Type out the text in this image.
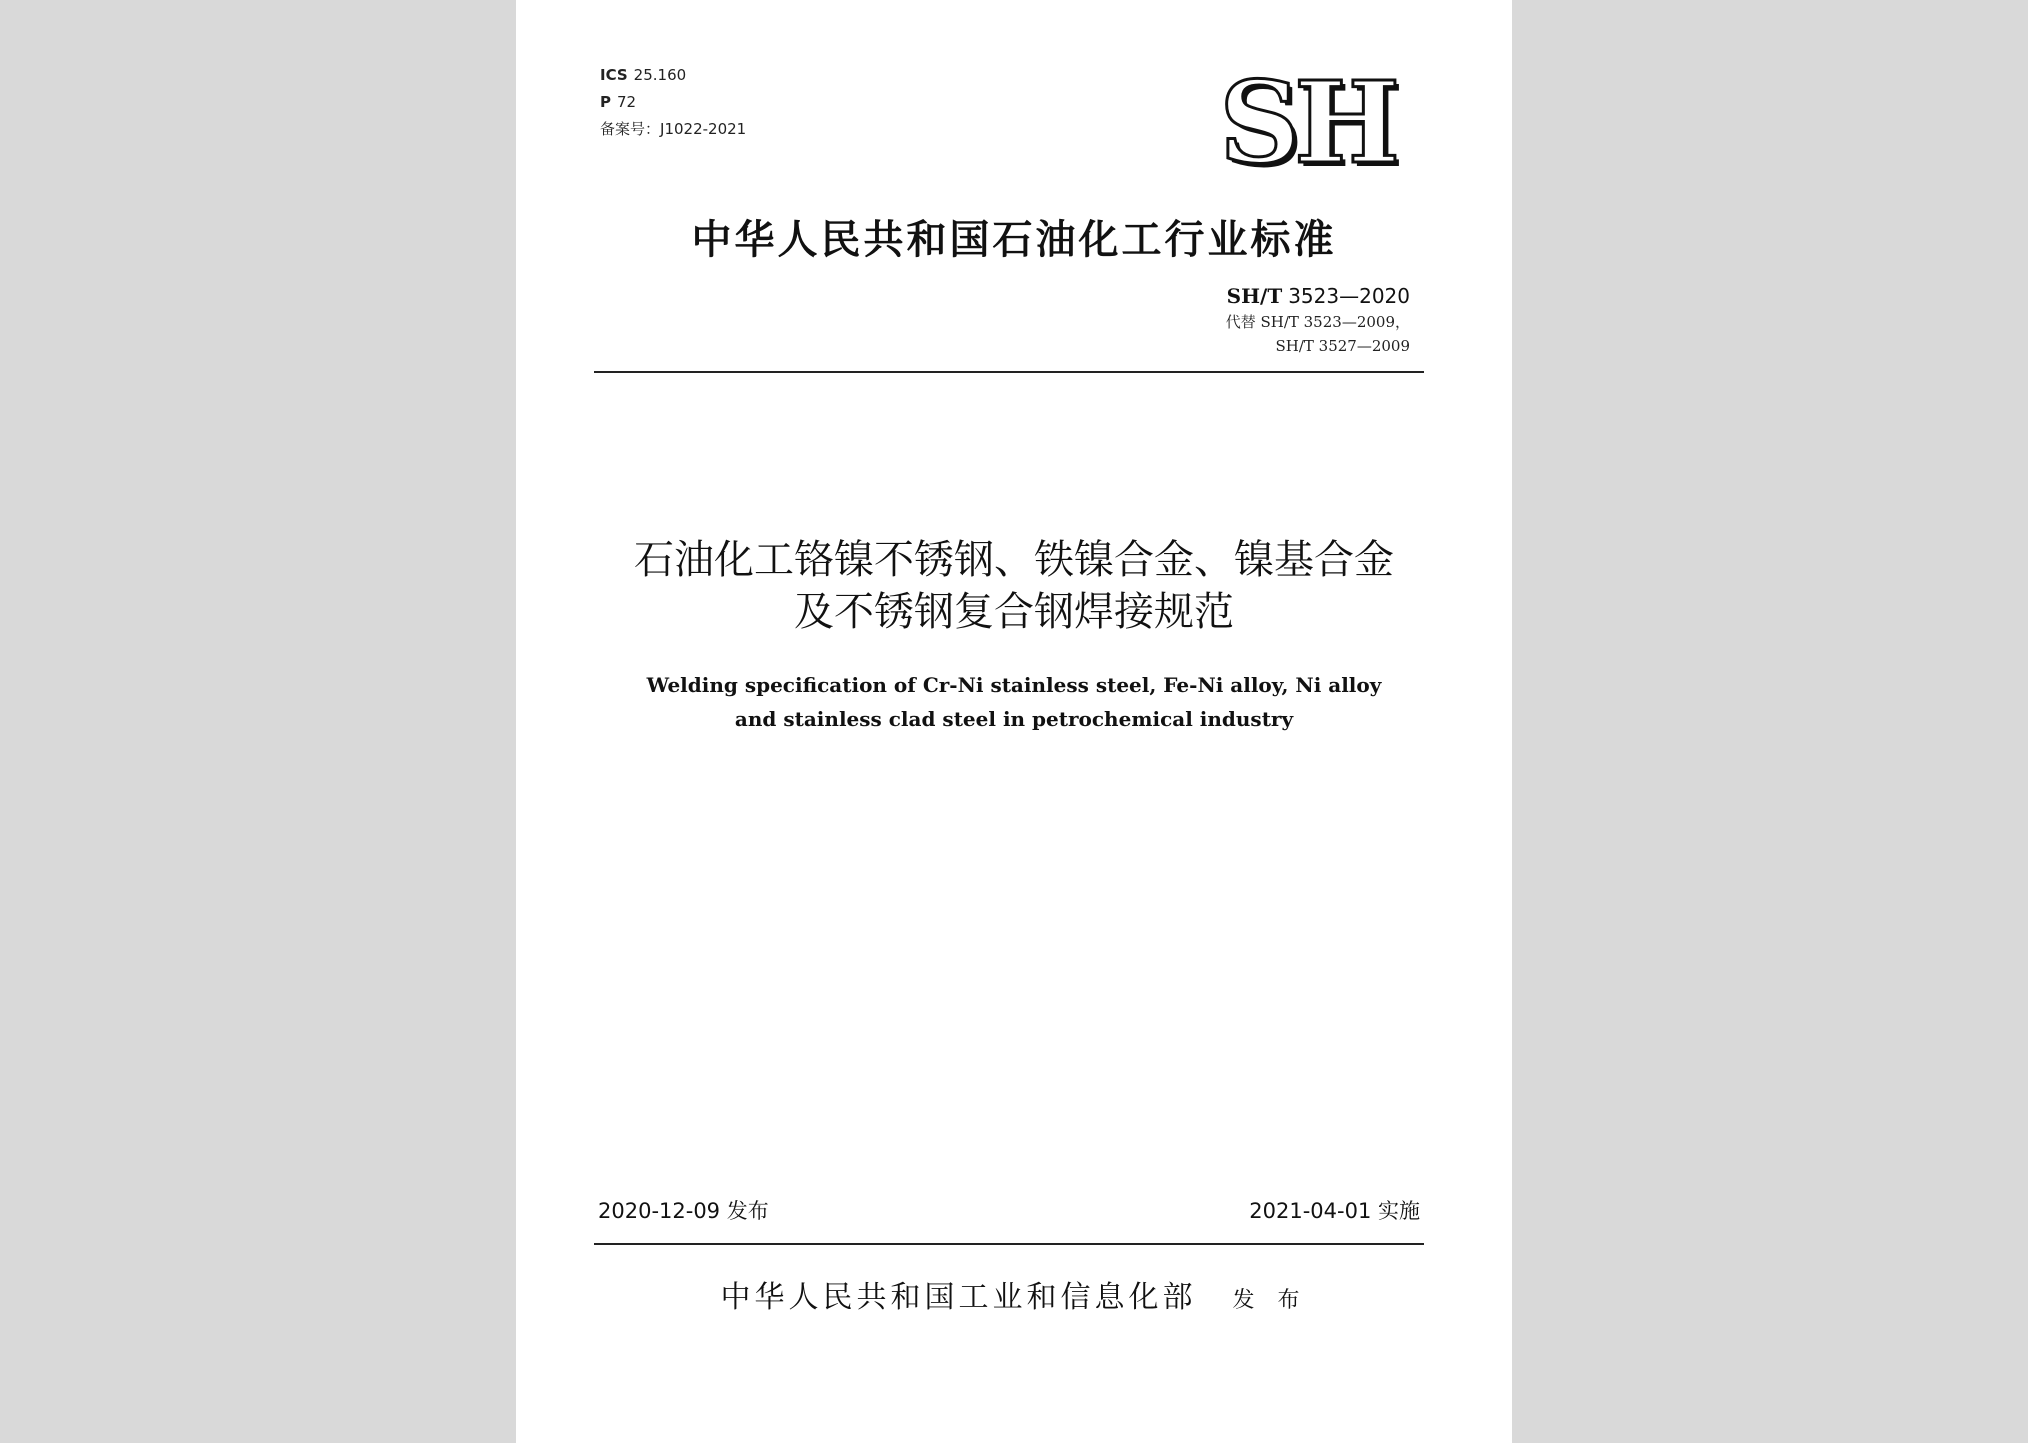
ICS 25.160
P 72
备案号：J1022-2021	SH
中华人民共和国石油化工行业标准
SH/T 3523—2020
代替 SH/T 3523—2009，
SH/T 3527—2009
石油化工铬镍不锈钢、铁镍合金、镍基合金
及不锈钢复合钢焊接规范
Welding specification of Cr-Ni stainless steel, Fe-Ni alloy, Ni alloy
and stainless clad steel in petrochemical industry
2020-12-09 发布	2021-04-01 实施
中华人民共和国工业和信息化部 发 布
